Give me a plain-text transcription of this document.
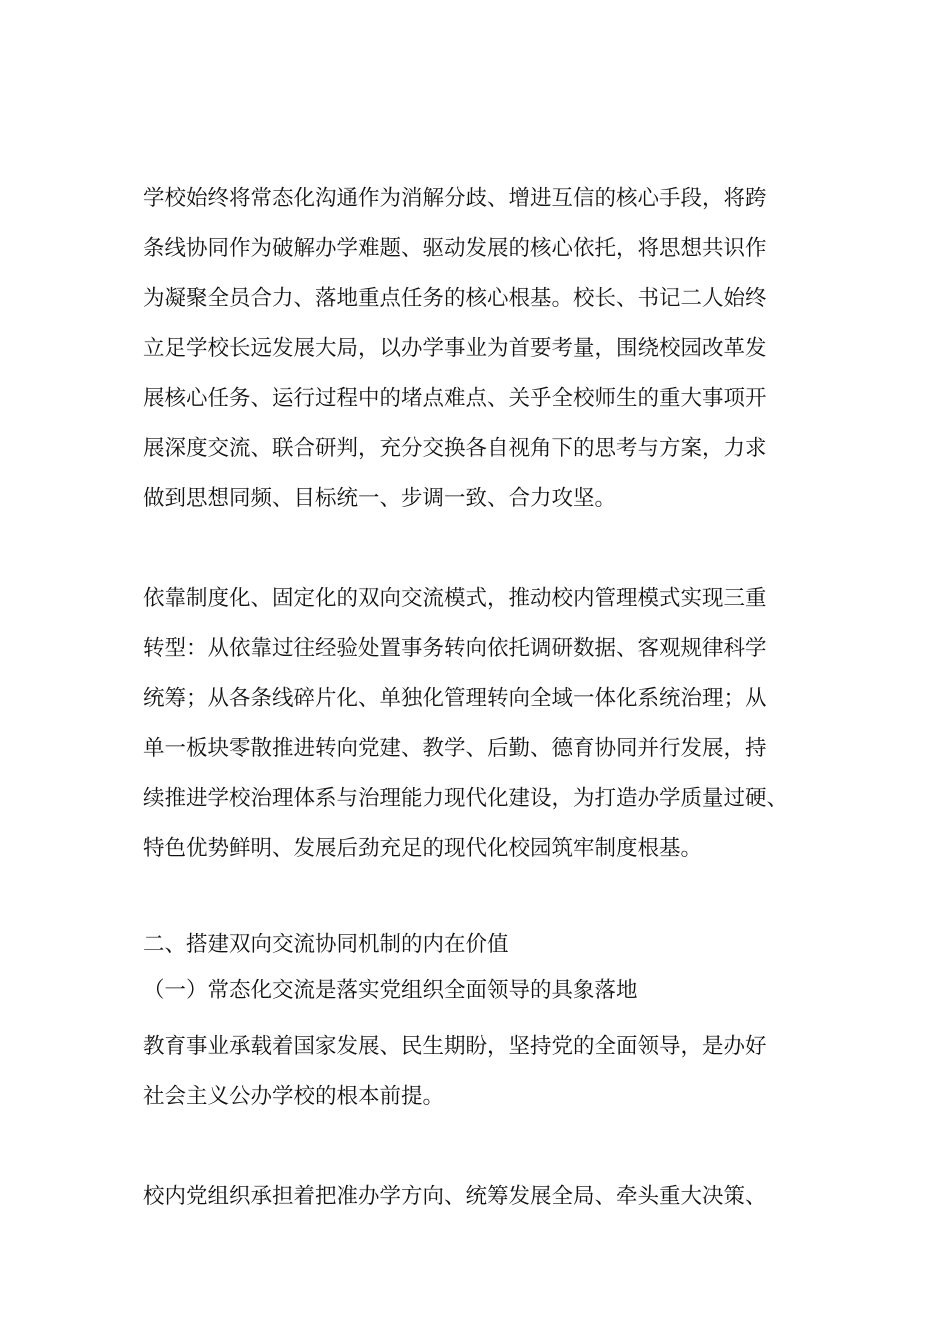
学校始终将常态化沟通作为消解分歧、增进互信的核心手段，将跨
条线协同作为破解办学难题、驱动发展的核心依托，将思想共识作
为凝聚全员合力、落地重点任务的核心根基。校长、书记二人始终
立足学校长远发展大局，以办学事业为首要考量，围绕校园改革发
展核心任务、运行过程中的堵点难点、关乎全校师生的重大事项开
展深度交流、联合研判，充分交换各自视角下的思考与方案，力求
做到思想同频、目标统一、步调一致、合力攻坚。
依靠制度化、固定化的双向交流模式，推动校内管理模式实现三重
转型：从依靠过往经验处置事务转向依托调研数据、客观规律科学
统筹；从各条线碎片化、单独化管理转向全域一体化系统治理；从
单一板块零散推进转向党建、教学、后勤、德育协同并行发展，持
续推进学校治理体系与治理能力现代化建设，为打造办学质量过硬、
特色优势鲜明、发展后劲充足的现代化校园筑牢制度根基。
二、搭建双向交流协同机制的内在价值
（一）常态化交流是落实党组织全面领导的具象落地
教育事业承载着国家发展、民生期盼，坚持党的全面领导，是办好
社会主义公办学校的根本前提。
校内党组织承担着把准办学方向、统筹发展全局、牵头重大决策、
